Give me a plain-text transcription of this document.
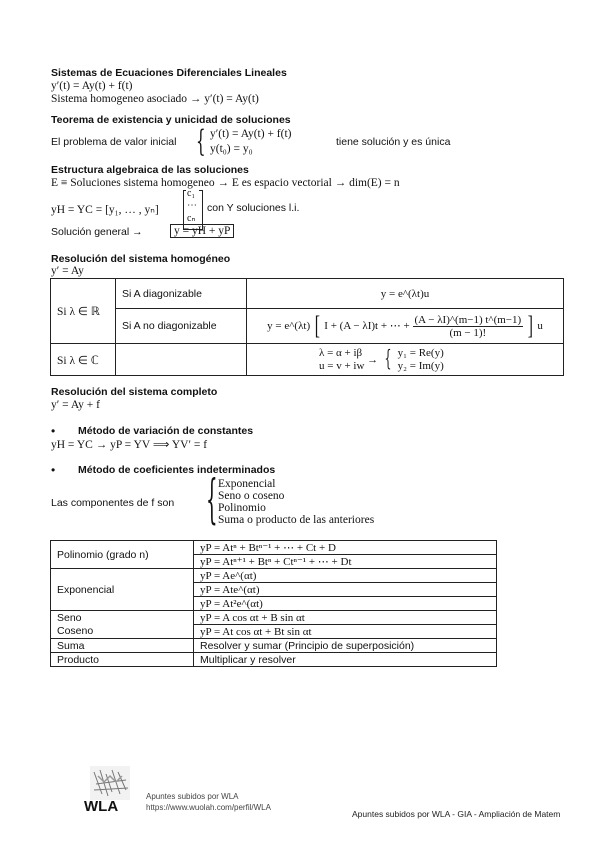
Sistemas de Ecuaciones Diferenciales Lineales
y′(t) = Ay(t) + f(t)
Sistema homogeneo asociado → y′(t) = Ay(t)
Teorema de existencia y unicidad de soluciones
El problema de valor inicial { y′(t) = Ay(t) + f(t)
y(t₀) = y₀
tiene solución y es única
Estructura algebraica de las soluciones
E ≡ Soluciones sistema homogeneo → E es espacio vectorial → dim(E) = n
yH = YC = [y₁, … , yₙ]
c₁
⋯
cₙ
con Y soluciones l.i.
Solución general →	y = yH + yP
Resolución del sistema homogéneo
y′ = Ay
Si λ ∈ ℝ	Si A diagonizable	y = e^(λt)u
	Si A no diagonizable	y = e^(λt) [ I + (A − λI)t + ⋯ + $\frac{(A - \lambda I)\^{}(m-1) t\^{}(m-1)}{(m - 1)!}$ ] u
Si λ ∈ ℂ		λ = α + iβ
u = v + iw → { y₁ = Re(y)
y₂ = Im(y)
Resolución del sistema completo
y′ = Ay + f
• Método de variación de constantes
yH = YC → yP = YV ⟹ YV′ = f
• Método de coeficientes indeterminados
Las componentes de f son { Exponencial
Seno o coseno
Polinomio
Suma o producto de las anteriores
Polinomio (grado n)	yP = Atⁿ + Btⁿ⁻¹ + ⋯ + Ct + D
	yP = Atⁿ⁺¹ + Btⁿ + Ctⁿ⁻¹ + ⋯ + Dt
Exponencial	yP = Ae^(αt)
	yP = Ate^(αt)
	yP = At²e^(αt)

Seno
Coseno	yP = A cos αt + B sin αt
	yP = At cos αt + Bt sin αt
Suma	Resolver y sumar (Principio de superposición)
Producto	Multiplicar y resolver
WLA
Apuntes subidos por WLA
https://www.wuolah.com/perfil/WLA
Apuntes subidos por WLA - GIA - Ampliación de Matem
